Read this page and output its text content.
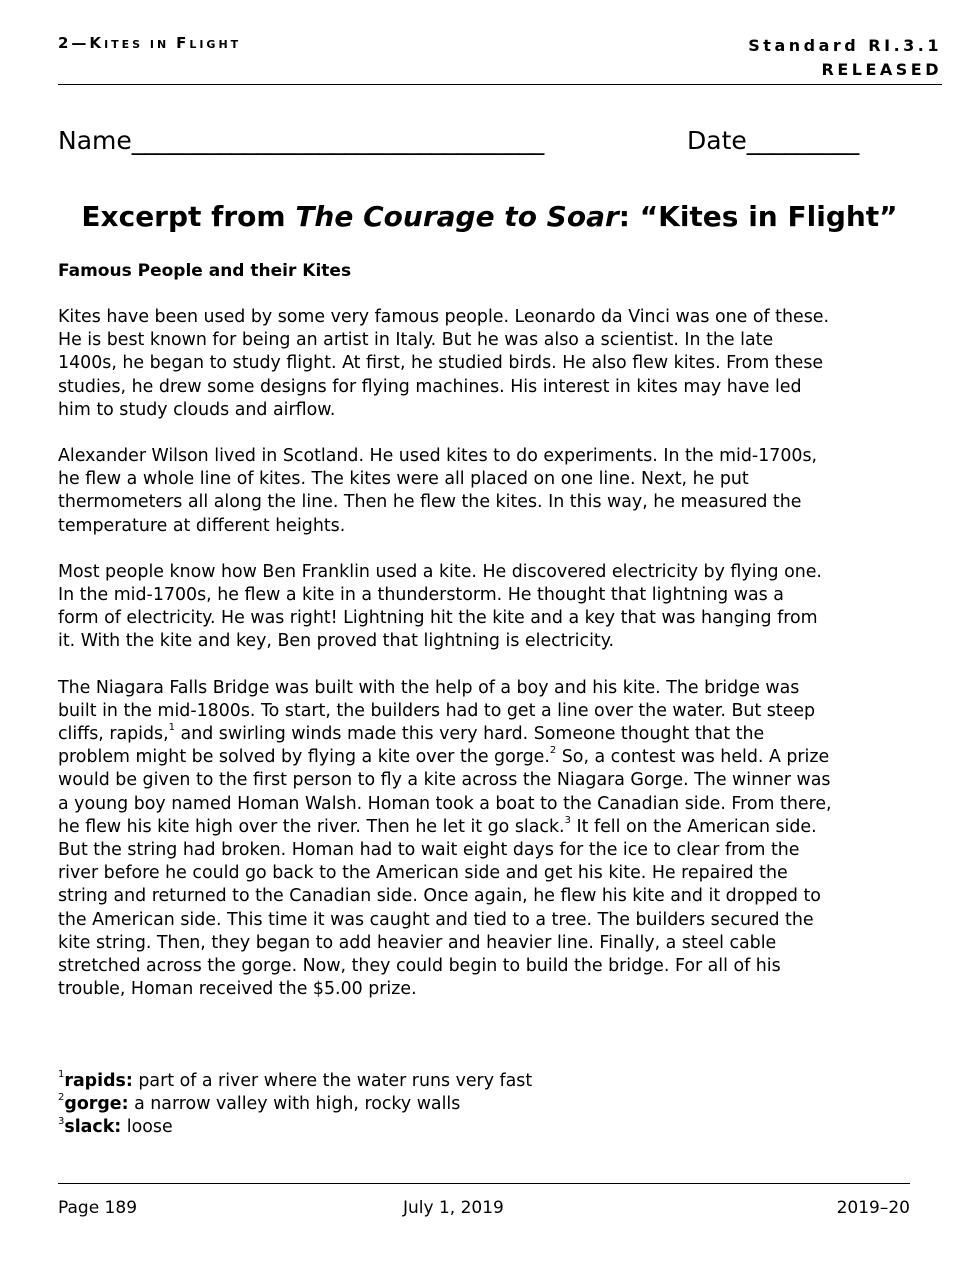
2—KITES IN FLIGHT	Standard RI.3.1
RELEASED
Name_________________________________	Date_________
Excerpt from The Courage to Soar: “Kites in Flight”
Famous People and their Kites

Kites have been used by some very famous people. Leonardo da Vinci was one of these.
He is best known for being an artist in Italy. But he was also a scientist. In the late
1400s, he began to study flight. At first, he studied birds. He also flew kites. From these
studies, he drew some designs for flying machines. His interest in kites may have led
him to study clouds and airflow.

Alexander Wilson lived in Scotland. He used kites to do experiments. In the mid-1700s,
he flew a whole line of kites. The kites were all placed on one line. Next, he put
thermometers all along the line. Then he flew the kites. In this way, he measured the
temperature at different heights.

Most people know how Ben Franklin used a kite. He discovered electricity by flying one.
In the mid-1700s, he flew a kite in a thunderstorm. He thought that lightning was a
form of electricity. He was right! Lightning hit the kite and a key that was hanging from
it. With the kite and key, Ben proved that lightning is electricity.

The Niagara Falls Bridge was built with the help of a boy and his kite. The bridge was
built in the mid-1800s. To start, the builders had to get a line over the water. But steep
cliffs, rapids,$^1$ and swirling winds made this very hard. Someone thought that the
problem might be solved by flying a kite over the gorge.$^2$ So, a contest was held. A prize
would be given to the first person to fly a kite across the Niagara Gorge. The winner was
a young boy named Homan Walsh. Homan took a boat to the Canadian side. From there,
he flew his kite high over the river. Then he let it go slack.$^3$ It fell on the American side.
But the string had broken. Homan had to wait eight days for the ice to clear from the
river before he could go back to the American side and get his kite. He repaired the
string and returned to the Canadian side. Once again, he flew his kite and it dropped to
the American side. This time it was caught and tied to a tree. The builders secured the
kite string. Then, they began to add heavier and heavier line. Finally, a steel cable
stretched across the gorge. Now, they could begin to build the bridge. For all of his
trouble, Homan received the $5.00 prize.

$^1$rapids: part of a river where the water runs very fast
$^2$gorge: a narrow valley with high, rocky walls
$^3$slack: loose
Page 189	July 1, 2019	2019–20
